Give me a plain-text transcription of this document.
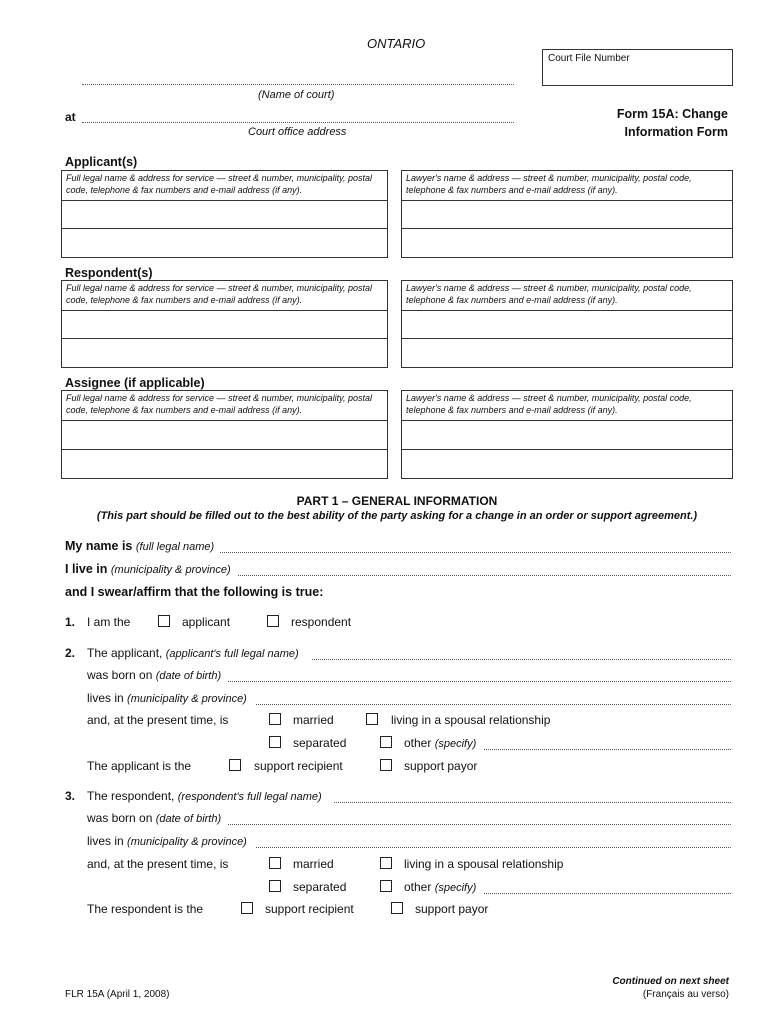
ONTARIO
Court File Number
(Name of court)
at
Court office address
Form 15A: Change
Information Form
Applicant(s)
Full legal name & address for service — street & number, municipality, postal code, telephone & fax numbers and e-mail address (if any).
Lawyer's name & address — street & number, municipality, postal code, telephone & fax numbers and e-mail address (if any).
Respondent(s)
Full legal name & address for service — street & number, municipality, postal code, telephone & fax numbers and e-mail address (if any).
Lawyer's name & address — street & number, municipality, postal code, telephone & fax numbers and e-mail address (if any).
Assignee (if applicable)
Full legal name & address for service — street & number, municipality, postal code, telephone & fax numbers and e-mail address (if any).
Lawyer's name & address — street & number, municipality, postal code, telephone & fax numbers and e-mail address (if any).
PART 1 – GENERAL INFORMATION
(This part should be filled out to the best ability of the party asking for a change in an order or support agreement.)
My name is (full legal name)
I live in (municipality & province)
and I swear/affirm that the following is true:
1. I am the	applicant	respondent
2. The applicant, (applicant's full legal name)
was born on (date of birth)
lives in (municipality & province)
and, at the present time, is	married	living in a spousal relationship
separated	other (specify)
The applicant is the	support recipient	support payor
3. The respondent, (respondent's full legal name)
was born on (date of birth)
lives in (municipality & province)
and, at the present time, is	married	living in a spousal relationship
separated	other (specify)
The respondent is the	support recipient	support payor
FLR 15A (April 1, 2008)
Continued on next sheet
(Français au verso)
